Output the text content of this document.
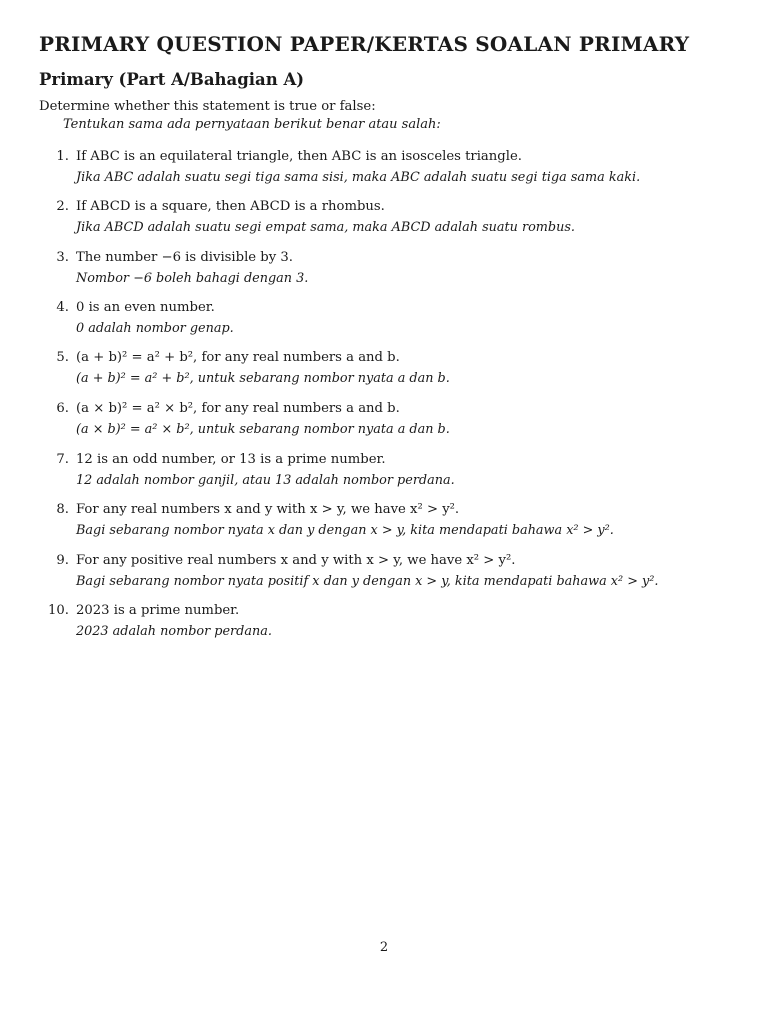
PRIMARY QUESTION PAPER/KERTAS SOALAN PRIMARY
Primary (Part A/Bahagian A)
Determine whether this statement is true or false:
Tentukan sama ada pernyataan berikut benar atau salah:
1. If ABC is an equilateral triangle, then ABC is an isosceles triangle.
Jika ABC adalah suatu segi tiga sama sisi, maka ABC adalah suatu segi tiga sama kaki.
2. If ABCD is a square, then ABCD is a rhombus.
Jika ABCD adalah suatu segi empat sama, maka ABCD adalah suatu rombus.
3. The number −6 is divisible by 3.
Nombor −6 boleh bahagi dengan 3.
4. 0 is an even number.
0 adalah nombor genap.
5. (a + b)² = a² + b², for any real numbers a and b.
(a + b)² = a² + b², untuk sebarang nombor nyata a dan b.
6. (a × b)² = a² × b², for any real numbers a and b.
(a × b)² = a² × b², untuk sebarang nombor nyata a dan b.
7. 12 is an odd number, or 13 is a prime number.
12 adalah nombor ganjil, atau 13 adalah nombor perdana.
8. For any real numbers x and y with x > y, we have x² > y².
Bagi sebarang nombor nyata x dan y dengan x > y, kita mendapati bahawa x² > y².
9. For any positive real numbers x and y with x > y, we have x² > y².
Bagi sebarang nombor nyata positif x dan y dengan x > y, kita mendapati bahawa x² > y².
10. 2023 is a prime number.
2023 adalah nombor perdana.
2
